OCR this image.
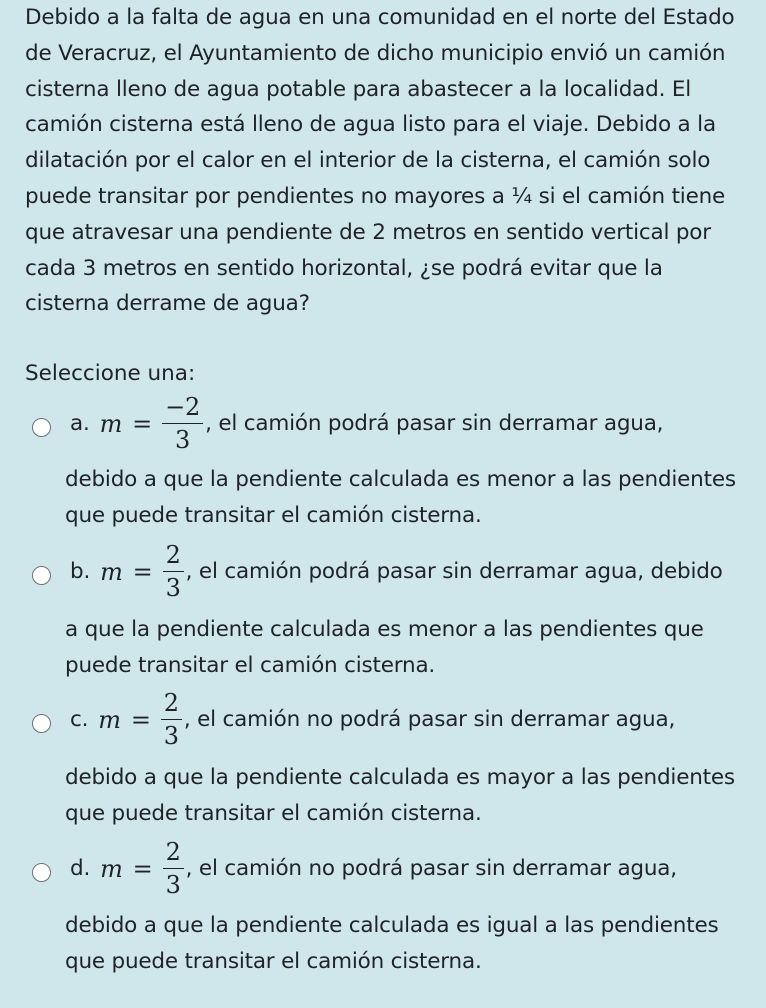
Debido a la falta de agua en una comunidad en el norte del Estado de Veracruz, el Ayuntamiento de dicho municipio envió un camión cisterna lleno de agua potable para abastecer a la localidad. El camión cisterna está lleno de agua listo para el viaje. Debido a la dilatación por el calor en el interior de la cisterna, el camión solo puede transitar por pendientes no mayores a ¼ si el camión tiene que atravesar una pendiente de 2 metros en sentido vertical por cada 3 metros en sentido horizontal, ¿se podrá evitar que la cisterna derrame de agua?
Seleccione una:
a. $m = \frac{-2}{3}$ , el camión podrá pasar sin derramar agua,
debido a que la pendiente calculada es menor a las pendientes que puede transitar el camión cisterna.
b. $m = \frac{2}{3}$ , el camión podrá pasar sin derramar agua, debido
a que la pendiente calculada es menor a las pendientes que puede transitar el camión cisterna.
c. $m = \frac{2}{3}$ , el camión no podrá pasar sin derramar agua,
debido a que la pendiente calculada es mayor a las pendientes que puede transitar el camión cisterna.
d. $m = \frac{2}{3}$ , el camión no podrá pasar sin derramar agua,
debido a que la pendiente calculada es igual a las pendientes que puede transitar el camión cisterna.
